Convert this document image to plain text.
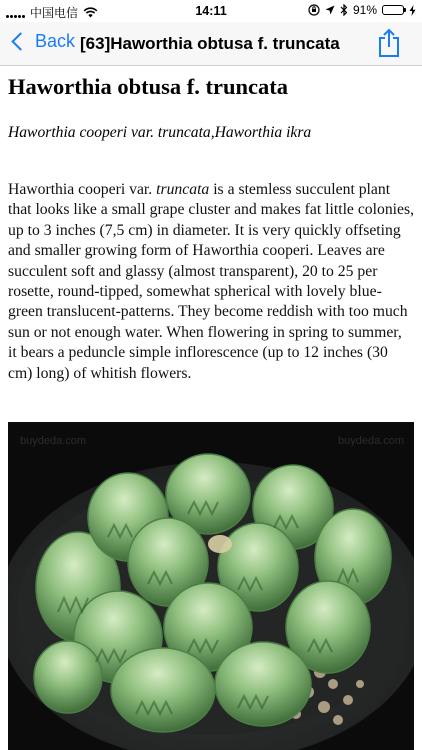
中国电信	14:11	91%
Back [63]Haworthia obtusa f. truncata
Haworthia obtusa f. truncata

Haworthia cooperi var. truncata,Haworthia ikra

Haworthia cooperi var. truncata is a stemless succulent plant that looks like a small grape cluster and makes fat little colonies, up to 3 inches (7,5 cm) in diameter. It is very quickly offseting and smaller growing form of Haworthia cooperi. Leaves are succulent soft and glassy (almost transparent), 20 to 25 per rosette, round-tipped, somewhat spherical with lovely blue-green translucent-patterns. They become reddish with too much sun or not enough water. When flowering in spring to summer, it bears a peduncle simple inflorescence (up to 12 inches (30 cm) long) of whitish flowers.

buydeda.com	buydeda.com
